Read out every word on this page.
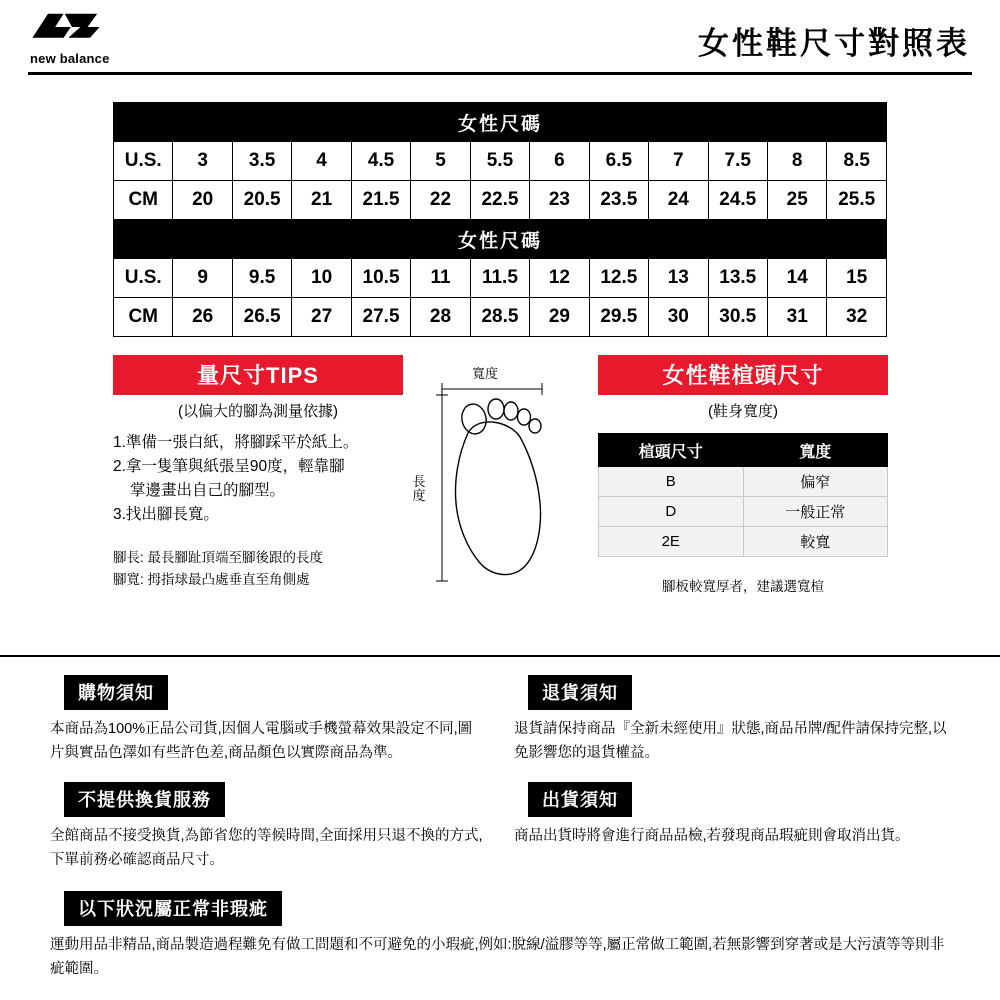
new balance	女性鞋尺寸對照表
女性尺碼												
U.S.	3	3.5	4	4.5	5	5.5	6	6.5	7	7.5	8	8.5
CM	20	20.5	21	21.5	22	22.5	23	23.5	24	24.5	25	25.5
女性尺碼												
U.S.	9	9.5	10	10.5	11	11.5	12	12.5	13	13.5	14	15
CM	26	26.5	27	27.5	28	28.5	29	29.5	30	30.5	31	32
量尺寸TIPS
(以偏大的腳為測量依據)
1.準備一張白紙，將腳踩平於紙上。
2.拿一隻筆與紙張呈90度，輕靠腳
掌邊畫出自己的腳型。
3.找出腳長寬。
腳長: 最長腳趾頂端至腳後跟的長度
腳寬: 拇指球最凸處垂直至角側處
寬度
長度
女性鞋楦頭尺寸
(鞋身寬度)
楦頭尺寸	寬度
B	偏窄
D	一般正常
2E	較寬
腳板較寬厚者，建議選寬楦
購物須知
本商品為100%正品公司貨,因個人電腦或手機螢幕效果設定不同,圖片與實品色澤如有些許色差,商品顏色以實際商品為準。
不提供換貨服務
全館商品不接受換貨,為節省您的等候時間,全面採用只退不換的方式,下單前務必確認商品尺寸。
退貨須知
退貨請保持商品『全新未經使用』狀態,商品吊牌/配件請保持完整,以免影響您的退貨權益。
出貨須知
商品出貨時將會進行商品品檢,若發現商品瑕疵則會取消出貨。
以下狀況屬正常非瑕疵
運動用品非精品,商品製造過程難免有做工問題和不可避免的小瑕疵,例如:脫線/溢膠等等,屬正常做工範圍,若無影響到穿著或是大污漬等等則非疵範圍。
